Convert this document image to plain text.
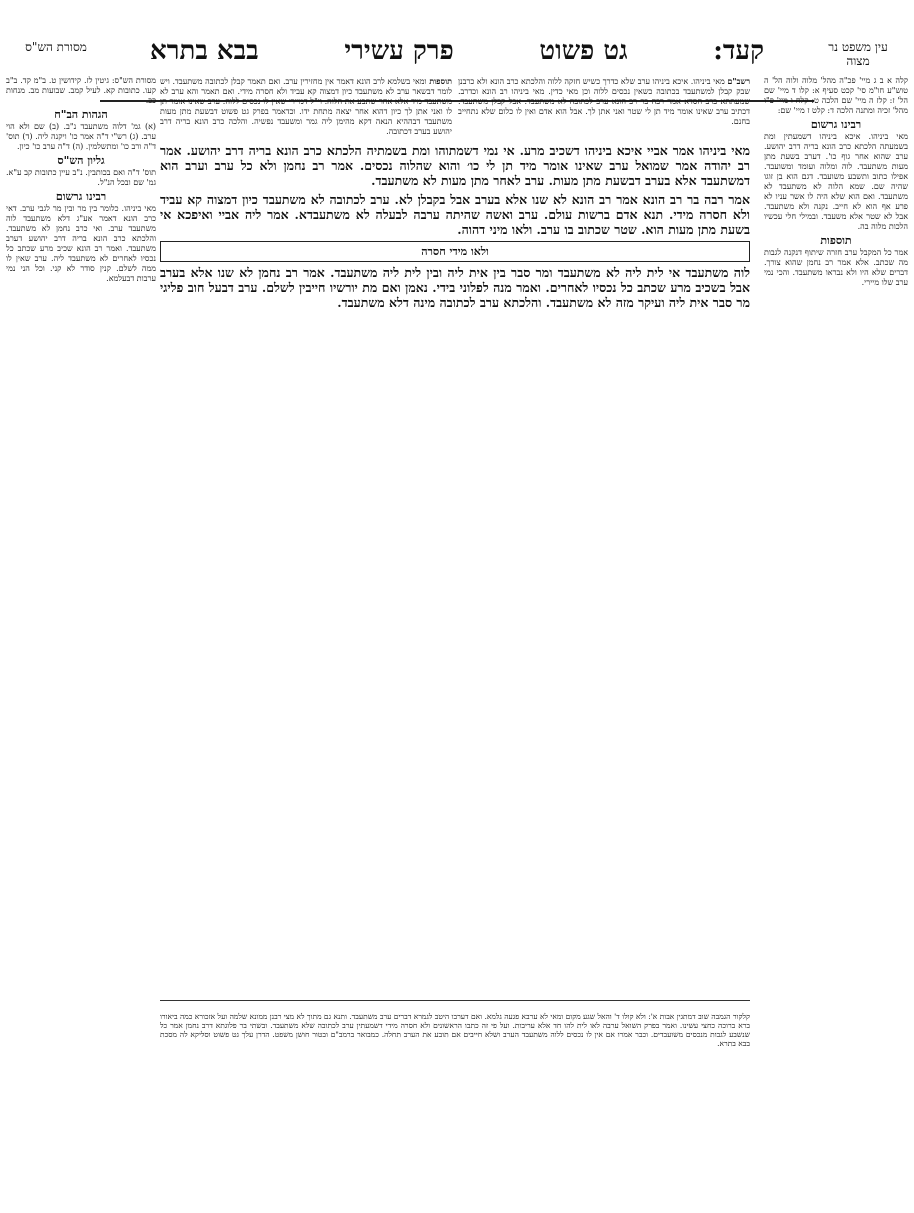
עין משפט נר מצוה
קעד:
גט פשוט
פרק עשירי
בבא בתרא
מסורת הש"ס
קלה א ב ג מיי' פכ"ה מהל' מלוה ולוה הל' ה טוש"ע חו"מ סי' קכט סעיף א: קלו ד מיי' שם הל' ז: קלז ה מיי' שם הלכה ט: קלח ו מיי' פ"ו מהל' זכיה ומתנה הלכה ד: קלט ז מיי' שם:
רבינו גרשום
מאי ביניהו. איכא ביניהו דשמעתין ומת בשמעתה הלכתא כרב הונא בריה דרב יהושע. ערב שהוא אחר גוף כו'. דערב בשעת מתן מעות משתעבד. לוה ומלוה ועומד ומשועבד. אפילו כתוב ותשבע משועבד. דגם הוא בן זוגו שהיה שם. שמא הלוה לא משתעבד לא משתעבד. ואם הוא שלא היה לו אשר עניו לא פרע אף הוא לא חייב. נקנה ולא משתעבד. אבל לא שטר אלא משעבד. ובמילי חלי עכשיו הלכות מלוה בה.
תוספות
אמר כל המקבל ערב חזרה שיתוף דנקנה לגבות מה שכתב. אלא אמר רב נחמן שהוא צורך. דברים שלא היו ולא נבראו משתעבד. והכי נמי ערב שלו מיירי.
מסורת הש"ס: גיטין לז. קידושין ט. ב"מ קד. ב"ב קעו. כתובות קא. לעיל קמב. שבועות מב. מנחות כב.
הגהות הב"ח
(א) גמ' דלוה משתעבד נ"ב. (ב) שם ולא הוי ערב. (ג) רש"י ד"ה אמר כו' ויקנה ליה. (ד) תוס' ד"ה ורב כו' ומתשלמין. (ה) ד"ה ערב כו' כיון.
גליון הש"ס
תוס' ד"ה ואם בכותבין. נ"ב עיין כתובות קב ע"א. גמ' שם ובכל הנ"ל.
רבינו גרשום
מאי ביניהו. כלומר בין מר ובין מר לגבי ערב. דאי כרב הונא דאמר אע"ג דלא משתעבד לוה משתעבד ערב. ואי כרב נחמן לא משתעבד. והלכתא כרב הונא בריה דרב יהושע דערב משתעבד. ואמר רב הונא שכיב מרע שכתב כל נכסיו לאחרים לא משתעבד ליה. ערב שאין לו ממה לשלם. קנין סודר לא קני. וכל הני נמי ערבות דבעלמא.
רשב"ם מאי ביניהו. איכא ביניהו ערב שלא כדרך כשיש חזקה ללוה והלכתא כרב הונא ולא כרבנן שבק קבלן למשתעבד בכתובה כשאין נכסים ללוה וכן מאי כדין. מאי ביניהו רב הונא וכדרב. שמעתתא ברב חסדא אמר רבה בר רב הונא ערב לכתובה לא משתעבד. אבל קבלן משתעבד. דכתיב ערב שאינו אומר מיד תן לי שטר ואני אתן לך. אבל הוא אדם ואין לו כלום שלא נתחייב בחנם.
תוספות ומאי בשלמא לרב הונא דאמר אין מחזירין ערב. ואם תאמר קבלן לכתובה משתעבד. ויש לומר דבשאר ערב לא משתעבד כיון דמצוה קא עביד ולא חסרה מידי. ואם תאמר והא ערב לא משתעבד מיד אלא אחר שתבע את הלוה. וי"ל דמיירי שאין לו נכסים ללוה. ערב שאינו אומר תן לו ואני אתן לך כיון דהוא אחר יצאה מתחת ידו. וכדאמר בפרק גט פשוט דבשעת מתן מעות משתעבד דבההיא הנאה דקא מהימן ליה גמר ומשעבד נפשיה. והלכה כרב הונא בריה דרב יהושע בערב דכתובה.

מאי ביניהו אמר אביי איכא ביניהו דשכיב מרע. אי נמי דשמתוהו ומת בשמתיה הלכתא כרב הונא בריה דרב יהושע. אמר רב יהודה אמר שמואל ערב שאינו אומר מיד תן לי כו׳ והוא שהלוה נכסים. אמר רב נחמן ולא כל ערב וערב הוא דמשתעבד אלא בערב דבשעת מתן מעות. ערב לאחר מתן מעות לא משתעבד.

אמר רבה בר רב הונא אמר רב הונא לא שנו אלא בערב אבל בקבלן לא. ערב לכתובה לא משתעבד כיון דמצוה קא עביד ולא חסרה מידי. תנא אדם ברשות עולם. ערב ואשה שהיתה ערבה לבעלה לא משתעבדא. אמר ליה אביי ואיפכא אי בשעת מתן מעות הוא. שטר שכתוב בו ערב. ולאו מיני דהוה.

ולאו מידי חסרה

לוה משתעבד אי לית ליה לא משתעבד ומר סבר בין אית ליה ובין לית ליה משתעבד. אמר רב נחמן לא שנו אלא בערב אבל בשכיב מרע שכתב כל נכסיו לאחרים. ואמר מנה לפלוני בידי. נאמן ואם מת יורשיו חייבין לשלם. ערב דבעל חוב פליגי מר סבר אית ליה ועיקר מזה לא משתעבד. והלכתא ערב לכתובה מינה דלא משתעבד.

קלקור הגמבה שוב דמתגין אבות א': ולא קולו ד' והאל שגע מקום ומאי לא ערבא פגעה גלמא. ואם דערבו היטב לגמרא דברים ערב משתעבד. ותנא גם מתוך לא מצי רבנן ממונא שלמה ועל אזכורא כמה ביאורו ברא ברוכה כחצי עשינו. ואמר בפרק השואל ערבה לאו לית להו חד אלא עריבות. ועל פי זה כתבו הראשונים ולא חסרה מידי דשמעתין ערב לכתובה שלא משתעבד. ובשתי בר פלוגתא דרב נחמן אמר כל שנשבע לגבות מנכסים משועבדים. וכבר אמרו אם אין לו נכסים ללוה משתעבד הערב ושלא חייבים אם תובע את הערב תחלה. כמבואר ברמב"ם ובטור חושן משפט. הדרן עלך גט פשוט וסליקא לה מסכת בבא בתרא.
